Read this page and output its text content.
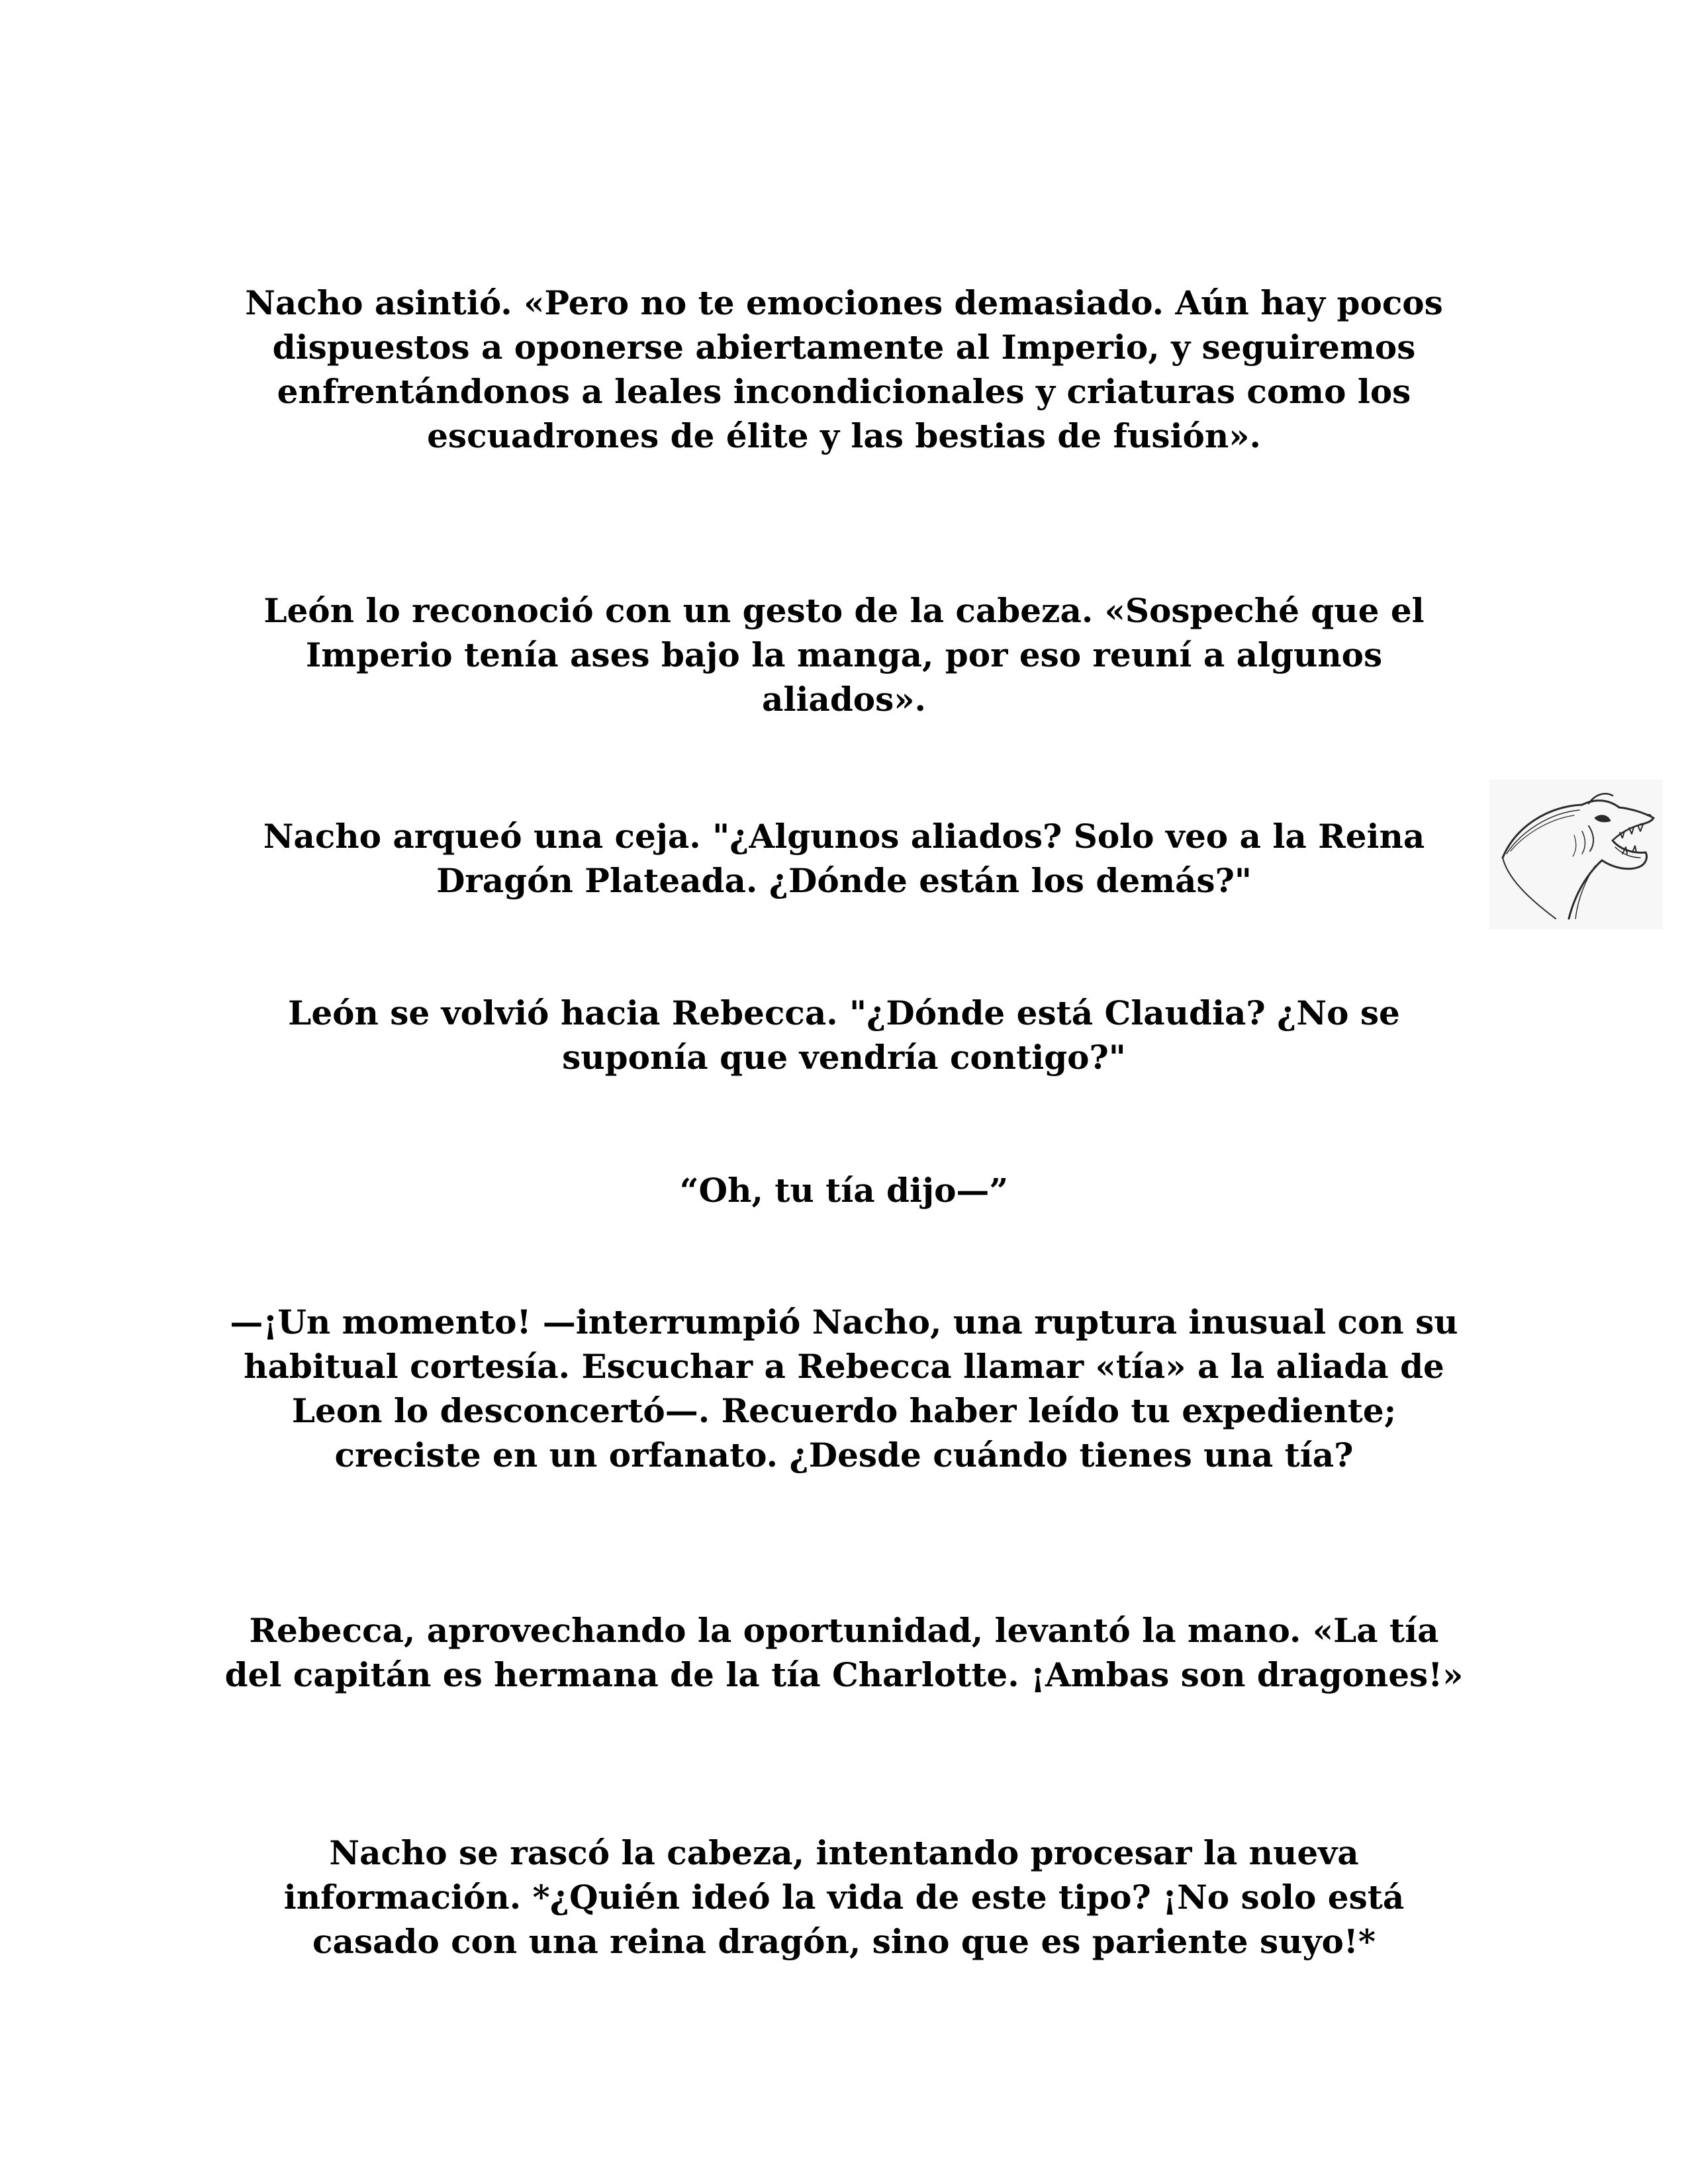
Nacho asintió. «Pero no te emociones demasiado. Aún hay pocos dispuestos a oponerse abiertamente al Imperio, y seguiremos enfrentándonos a leales incondicionales y criaturas como los escuadrones de élite y las bestias de fusión».

León lo reconoció con un gesto de la cabeza. «Sospeché que el Imperio tenía ases bajo la manga, por eso reuní a algunos aliados».

Nacho arqueó una ceja. "¿Algunos aliados? Solo veo a la Reina Dragón Plateada. ¿Dónde están los demás?"

León se volvió hacia Rebecca. "¿Dónde está Claudia? ¿No se suponía que vendría contigo?"

“Oh, tu tía dijo—”

—¡Un momento! —interrumpió Nacho, una ruptura inusual con su habitual cortesía. Escuchar a Rebecca llamar «tía» a la aliada de Leon lo desconcertó—. Recuerdo haber leído tu expediente; creciste en un orfanato. ¿Desde cuándo tienes una tía?

Rebecca, aprovechando la oportunidad, levantó la mano. «La tía del capitán es hermana de la tía Charlotte. ¡Ambas son dragones!»

Nacho se rascó la cabeza, intentando procesar la nueva información. *¿Quién ideó la vida de este tipo? ¡No solo está casado con una reina dragón, sino que es pariente suyo!*
